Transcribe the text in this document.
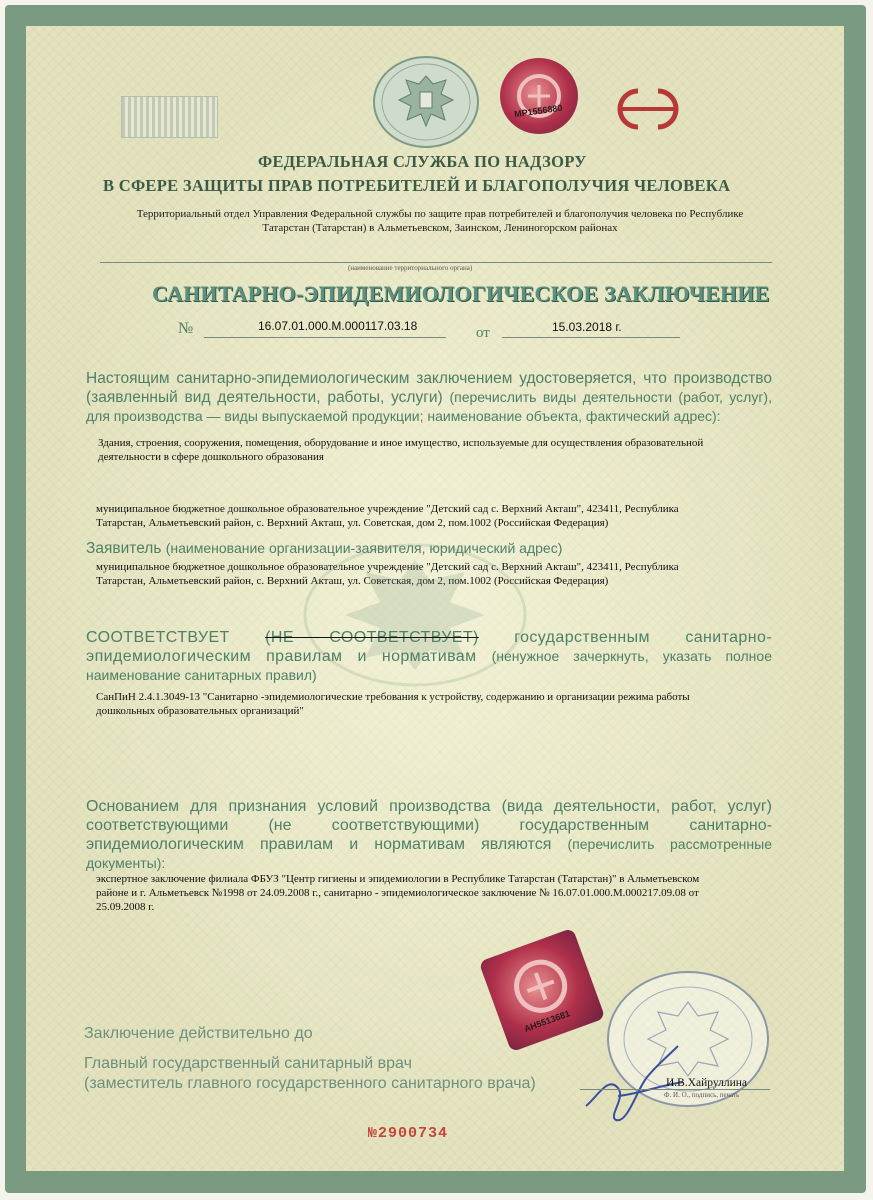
MP1556880
ФЕДЕРАЛЬНАЯ СЛУЖБА ПО НАДЗОРУ
В СФЕРЕ ЗАЩИТЫ ПРАВ ПОТРЕБИТЕЛЕЙ И БЛАГОПОЛУЧИЯ ЧЕЛОВЕКА
Территориальный отдел Управления Федеральной службы по защите прав потребителей и благополучия человека по Республике
Татарстан (Татарстан) в Альметьевском, Заинском, Лениногорском районах
(наименование территориального органа)
САНИТАРНО-ЭПИДЕМИОЛОГИЧЕСКОЕ ЗАКЛЮЧЕНИЕ
№	16.07.01.000.М.000117.03.18	от	15.03.2018 г.
Настоящим санитарно-эпидемиологическим заключением удостоверяется, что производство (заявленный вид деятельности, работы, услуги) (перечислить виды деятельности (работ, услуг), для производства — виды выпускаемой продукции; наименование объекта, фактический адрес):
Здания, строения, сооружения, помещения, оборудование и иное имущество, используемые для осуществления образовательной
деятельности в сфере дошкольного образования
муниципальное бюджетное дошкольное образовательное учреждение "Детский сад с. Верхний Акташ", 423411, Республика
Татарстан, Альметьевский район, с. Верхний Акташ, ул. Советская, дом 2, пом.1002 (Российская Федерация)
Заявитель (наименование организации-заявителя, юридический адрес)
муниципальное бюджетное дошкольное образовательное учреждение "Детский сад с. Верхний Акташ", 423411, Республика
Татарстан, Альметьевский район, с. Верхний Акташ, ул. Советская, дом 2, пом.1002 (Российская Федерация)
СООТВЕТСТВУЕТ (НЕ СООТВЕТСТВУЕТ) государственным санитарно- эпидемиологическим правилам и нормативам (ненужное зачеркнуть, указать полное наименование санитарных правил)
СанПиН 2.4.1.3049-13 "Санитарно -эпидемиологические требования к устройству, содержанию и организации режима работы
дошкольных образовательных организаций"
Основанием для признания условий производства (вида деятельности, работ, услуг) соответствующими (не соответствующими) государственным санитарно-эпидемиологическим правилам и нормативам являются (перечислить рассмотренные документы):
экспертное заключение филиала ФБУЗ "Центр гигиены и эпидемиологии в Республике Татарстан (Татарстан)" в Альметьевском
районе и г. Альметьевск №1998 от 24.09.2008 г., санитарно - эпидемиологическое заключение № 16.07.01.000.М.000217.09.08 от
25.09.2008 г.
AH5513681
Заключение действительно до
Главный государственный санитарный врач
(заместитель главного государственного санитарного врача)	И.В.Хайруллина
Ф. И. О., подпись, печать
№2900734
